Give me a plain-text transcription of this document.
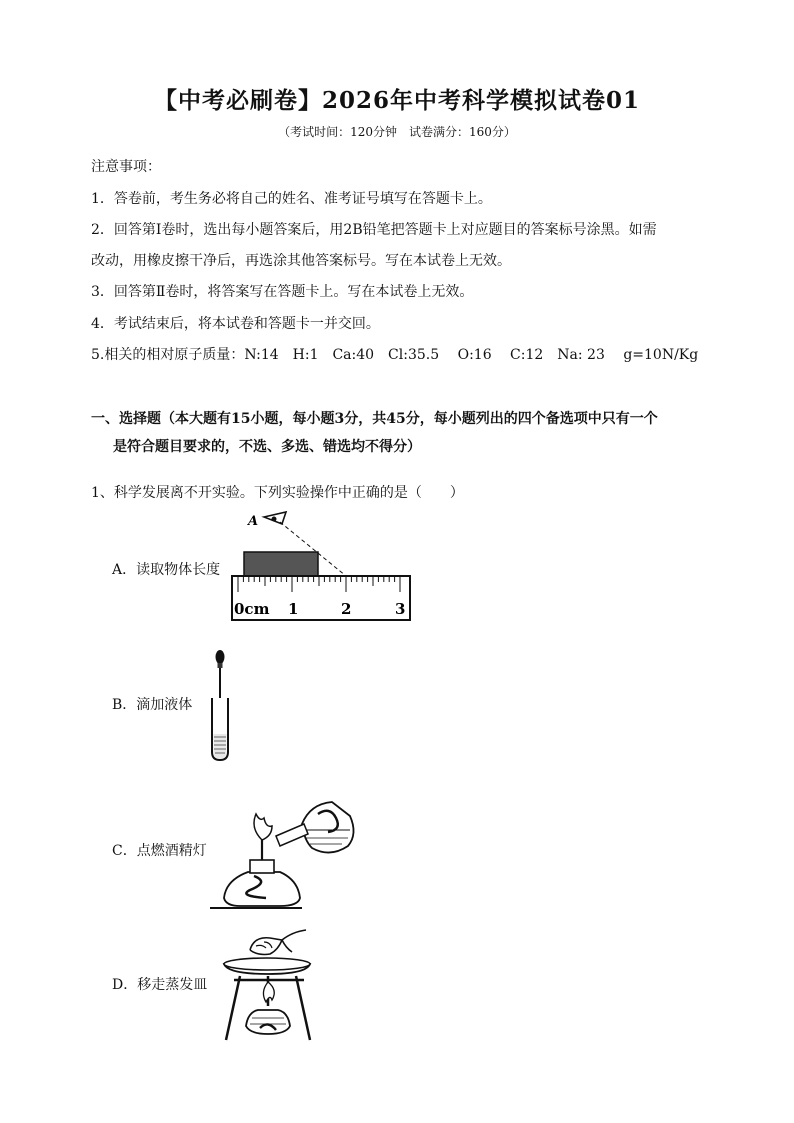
【中考必刷卷】2026年中考科学模拟试卷01
（考试时间：120分钟　试卷满分：160分）
注意事项：
1．答卷前，考生务必将自己的姓名、准考证号填写在答题卡上。
2．回答第Ⅰ卷时，选出每小题答案后，用2B铅笔把答题卡上对应题目的答案标号涂黑。如需
改动，用橡皮擦干净后，再选涂其他答案标号。写在本试卷上无效。
3．回答第Ⅱ卷时，将答案写在答题卡上。写在本试卷上无效。
4．考试结束后，将本试卷和答题卡一并交回。
5.相关的相对原子质量：N:14　H:1　Ca:40　Cl:35.5　 O:16　 C:12　Na: 23　 g=10N/Kg
一、选择题（本大题有15小题，每小题3分，共45分，每小题列出的四个备选项中只有一个
是符合题目要求的，不选、多选、错选均不得分）
1、科学发展离不开实验。下列实验操作中正确的是（　　）
A．读取物体长度
A
0cm 1	2	3
B．滴加液体
C．点燃酒精灯
D．移走蒸发皿
